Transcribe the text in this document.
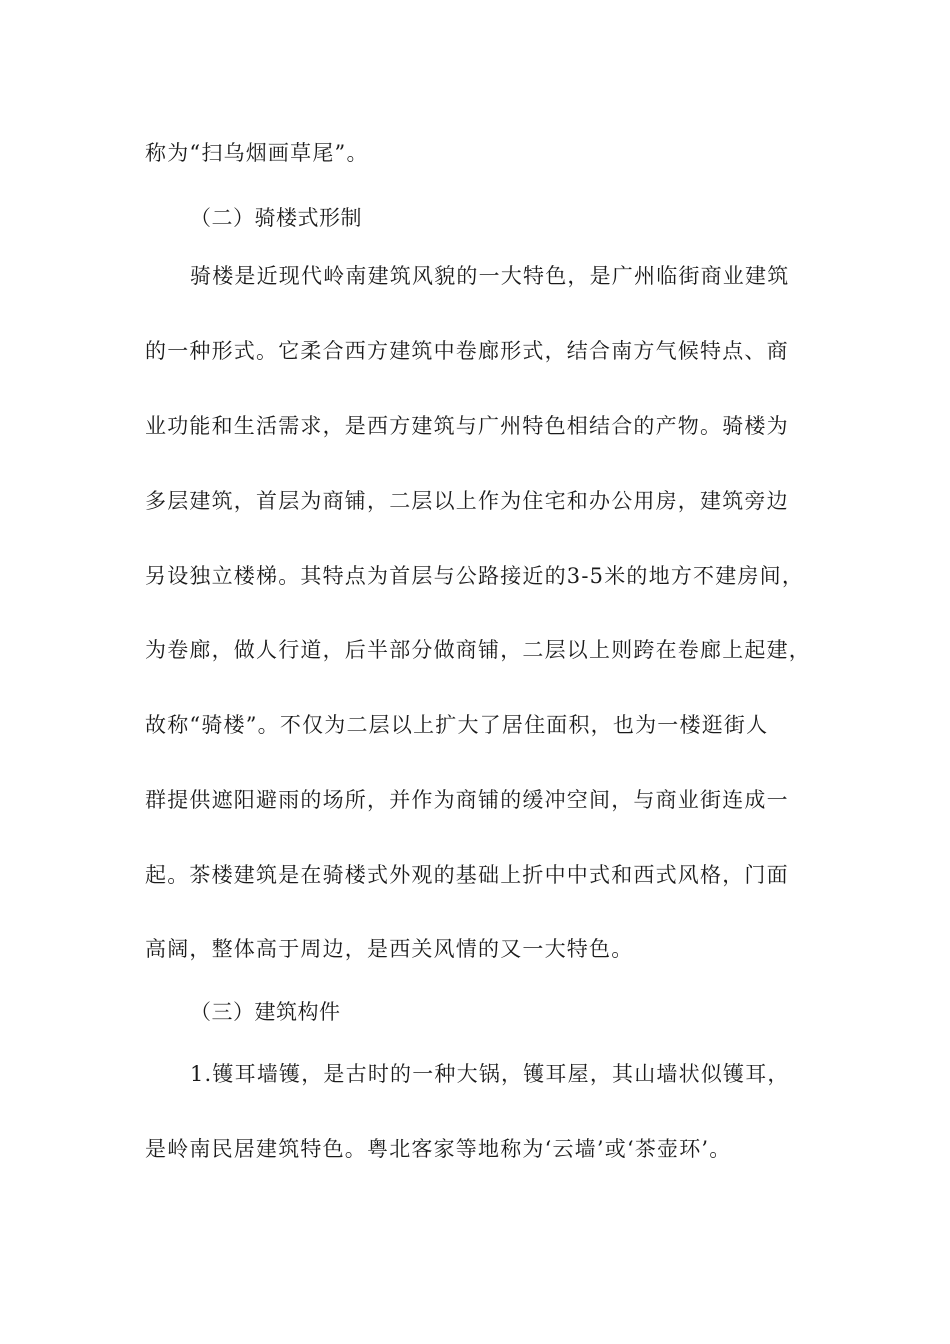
称为“扫乌烟画草尾”。
（二）骑楼式形制
骑楼是近现代岭南建筑风貌的一大特色，是广州临街商业建筑
的一种形式。它柔合西方建筑中卷廊形式，结合南方气候特点、商
业功能和生活需求，是西方建筑与广州特色相结合的产物。骑楼为
多层建筑，首层为商铺，二层以上作为住宅和办公用房，建筑旁边
另设独立楼梯。其特点为首层与公路接近的3-5米的地方不建房间，
为卷廊，做人行道，后半部分做商铺，二层以上则跨在卷廊上起建，
故称“骑楼”。不仅为二层以上扩大了居住面积，也为一楼逛街人
群提供遮阳避雨的场所，并作为商铺的缓冲空间，与商业街连成一
起。茶楼建筑是在骑楼式外观的基础上折中中式和西式风格，门面
高阔，整体高于周边，是西关风情的又一大特色。
（三）建筑构件
1.镬耳墙镬，是古时的一种大锅，镬耳屋，其山墙状似镬耳，
是岭南民居建筑特色。粤北客家等地称为‘云墙’或‘茶壶环’。
